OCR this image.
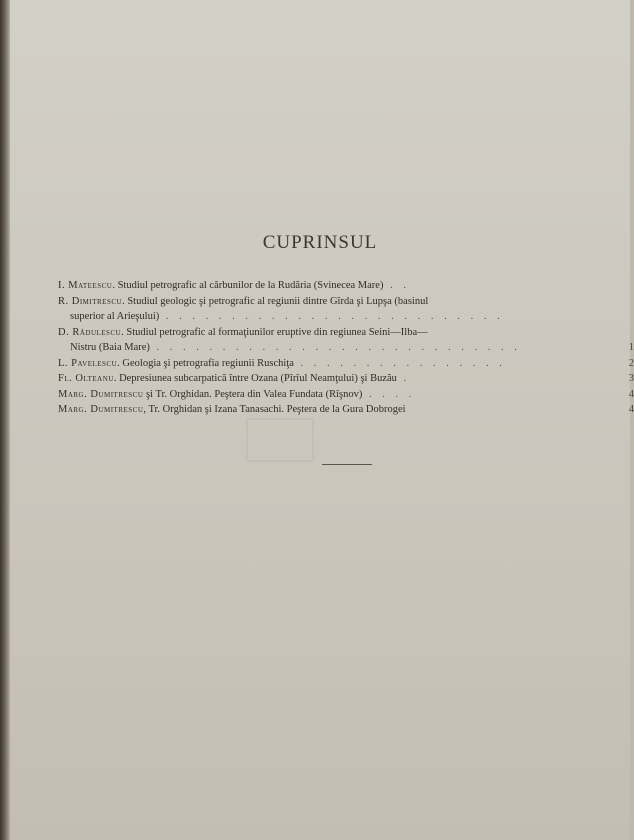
CUPRINSUL
I. Mateescu. Studiul petrografic al cărbunilor de la Rudăria (Svinecea Mare) . .
R. Dimitrescu. Studiul geologic şi petrografic al regiunii dintre Gîrda şi Lupşa (basinul
superior al Arieşului) . . . . . . . . . . . . . . . . . . . . . . . . . .
D. Rădulescu. Studiul petrografic al formaţiunilor eruptive din regiunea Seini—Ilba—
Nistru (Baia Mare) . . . . . . . . . . . . . . . . . . . . . . . . . . . .	1
L. Pavelescu. Geologia şi petrografia regiunii Ruschiţa . . . . . . . . . . . . . . . .	2
Fl. Olteanu. Depresiunea subcarpatică între Ozana (Pîrîul Neamţului) şi Buzău .	3
Marg. Dumitrescu şi Tr. Orghidan. Peştera din Valea Fundata (Rîşnov) . . . .	4
Marg. Dumitrescu, Tr. Orghidan şi Izana Tanasachi. Peştera de la Gura Dobrogei	4
